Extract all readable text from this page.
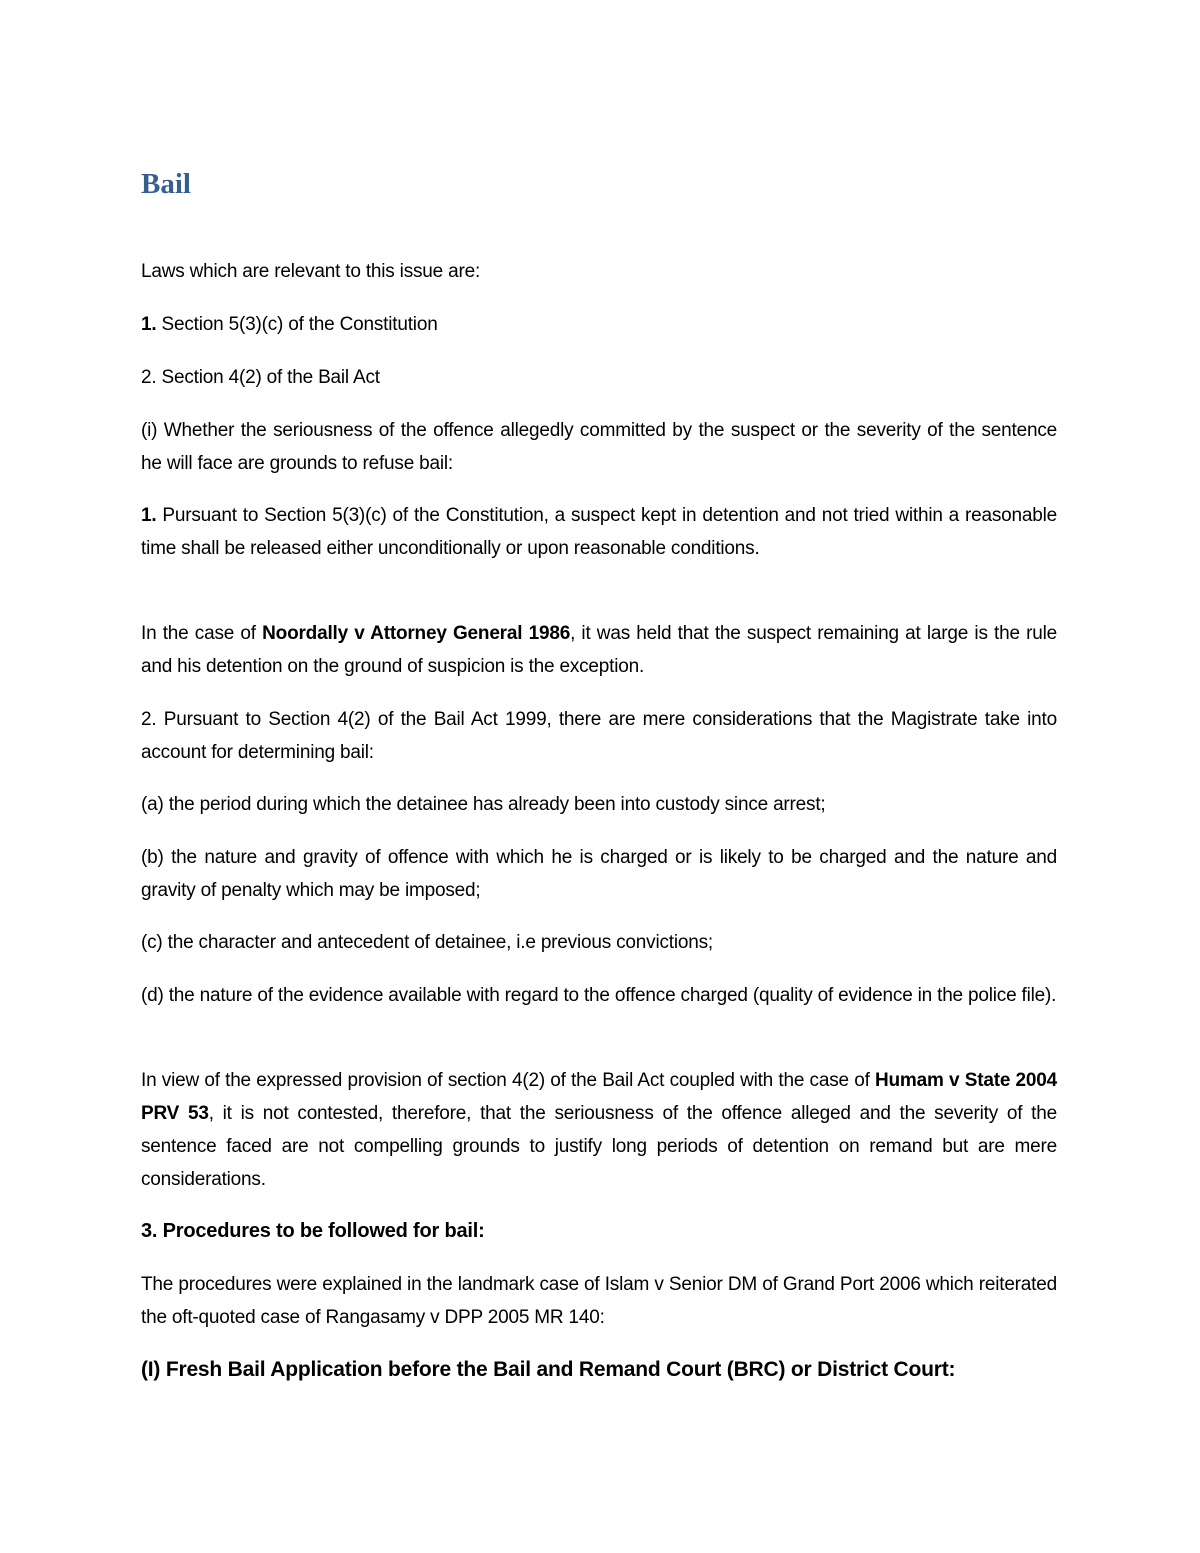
Bail

Laws which are relevant to this issue are:

1. Section 5(3)(c) of the Constitution

2. Section 4(2) of the Bail Act

(i) Whether the seriousness of the offence allegedly committed by the suspect or the severity of the sentence he will face are grounds to refuse bail:

1. Pursuant to Section 5(3)(c) of the Constitution, a suspect kept in detention and not tried within a reasonable time shall be released either unconditionally or upon reasonable conditions.

In the case of Noordally v Attorney General 1986, it was held that the suspect remaining at large is the rule and his detention on the ground of suspicion is the exception.

2. Pursuant to Section 4(2) of the Bail Act 1999, there are mere considerations that the Magistrate take into account for determining bail:

(a) the period during which the detainee has already been into custody since arrest;

(b) the nature and gravity of offence with which he is charged or is likely to be charged and the nature and gravity of penalty which may be imposed;

(c) the character and antecedent of detainee, i.e previous convictions;

(d) the nature of the evidence available with regard to the offence charged (quality of evidence in the police file).

In view of the expressed provision of section 4(2) of the Bail Act coupled with the case of Humam v State 2004 PRV 53, it is not contested, therefore, that the seriousness of the offence alleged and the severity of the sentence faced are not compelling grounds to justify long periods of detention on remand but are mere considerations.

3. Procedures to be followed for bail:

The procedures were explained in the landmark case of Islam v Senior DM of Grand Port 2006 which reiterated the oft-quoted case of Rangasamy v DPP 2005 MR 140:

(I) Fresh Bail Application before the Bail and Remand Court (BRC) or District Court:
